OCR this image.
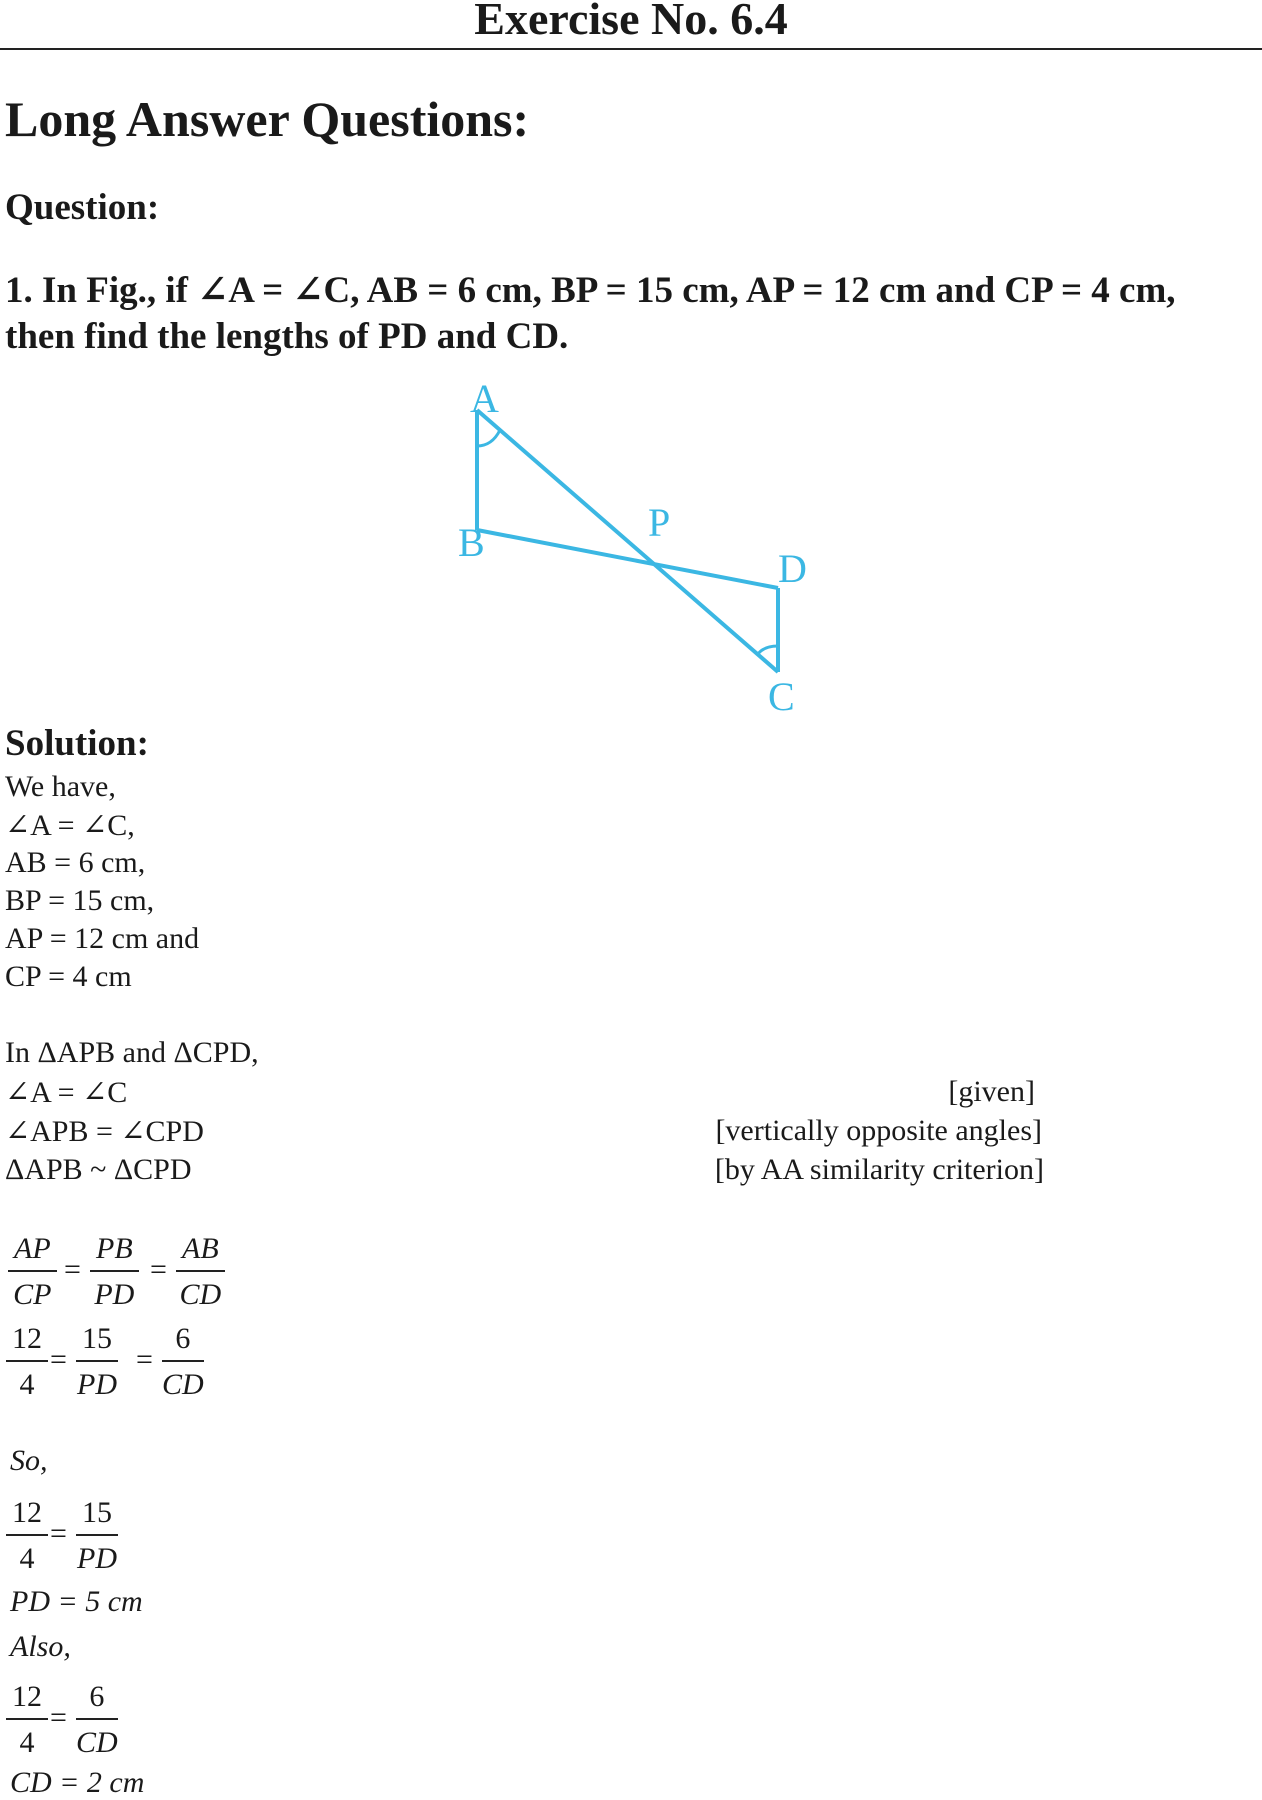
Exercise No. 6.4
Long Answer Questions:
Question:
1. In Fig., if ∠A = ∠C, AB = 6 cm, BP = 15 cm, AP = 12 cm and CP = 4 cm,
then find the lengths of PD and CD.
A
B	P
D
C
Solution:
We have,
∠A = ∠C,
AB = 6 cm,
BP = 15 cm,
AP = 12 cm and
CP = 4 cm
In ΔAPB and ΔCPD,
∠A = ∠C	[given]
∠APB = ∠CPD	[vertically opposite angles]
ΔAPB ~ ΔCPD	[by AA similarity criterion]
$\frac{AP}{CP} = \frac{PB}{PD} = \frac{AB}{CD}$
$\frac{12}{4} = \frac{15}{PD} = \frac{6}{CD}$
So,
$\frac{12}{4} = \frac{15}{PD}$
PD = 5 cm
Also,
$\frac{12}{4} = \frac{6}{CD}$
CD = 2 cm
